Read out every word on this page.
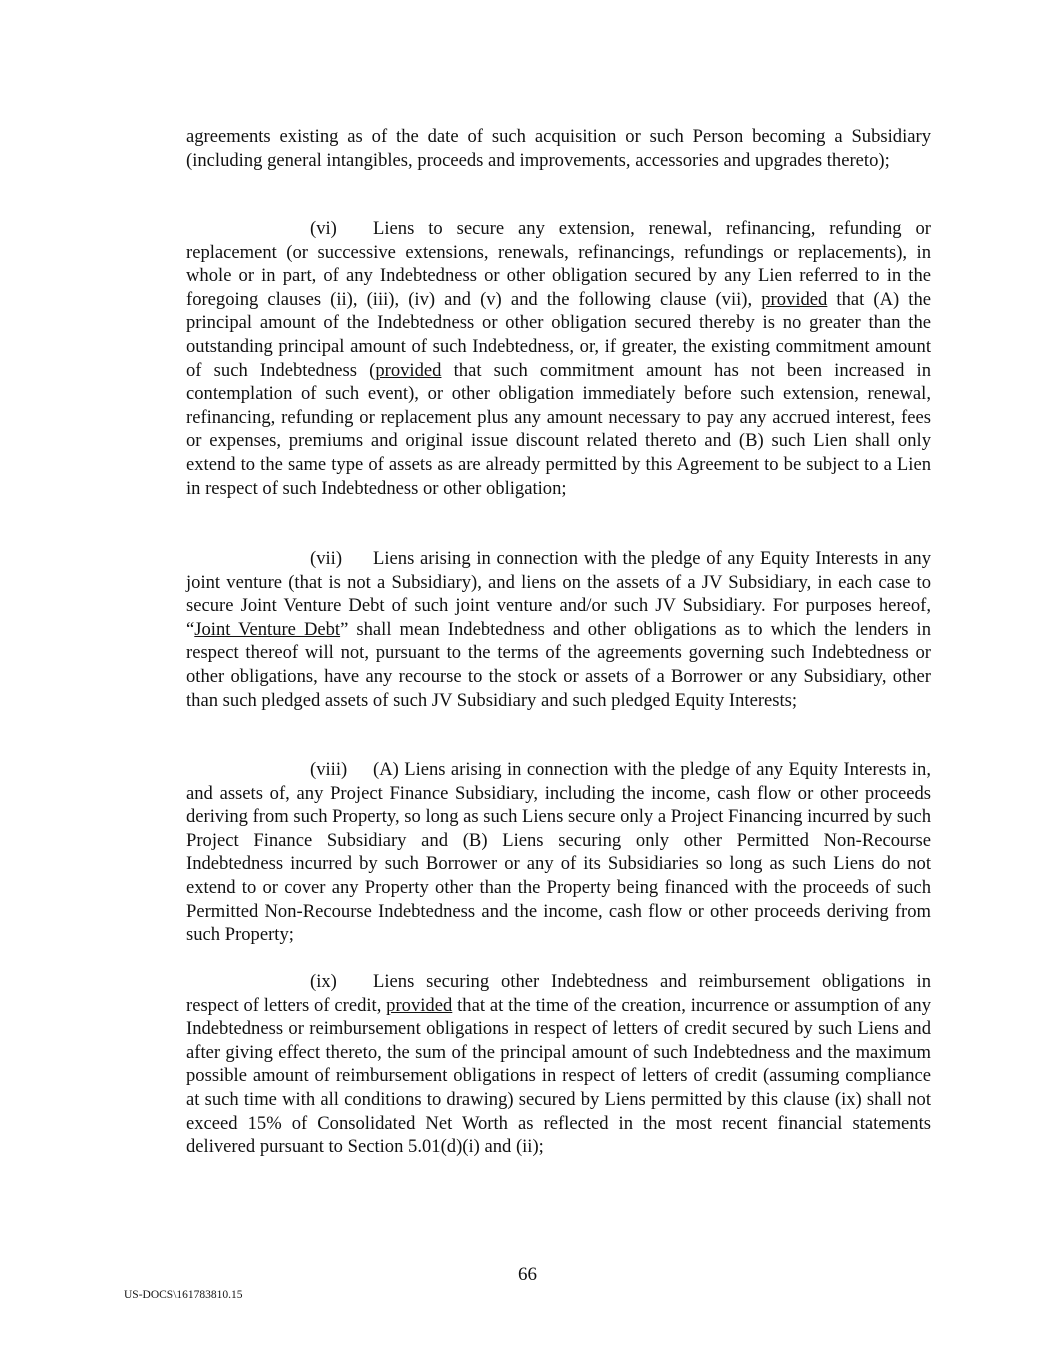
agreements existing as of the date of such acquisition or such Person becoming a Subsidiary (including general intangibles, proceeds and improvements, accessories and upgrades thereto);
(vi) Liens to secure any extension, renewal, refinancing, refunding or replacement (or successive extensions, renewals, refinancings, refundings or replacements), in whole or in part, of any Indebtedness or other obligation secured by any Lien referred to in the foregoing clauses (ii), (iii), (iv) and (v) and the following clause (vii), provided that (A) the principal amount of the Indebtedness or other obligation secured thereby is no greater than the outstanding principal amount of such Indebtedness, or, if greater, the existing commitment amount of such Indebtedness (provided that such commitment amount has not been increased in contemplation of such event), or other obligation immediately before such extension, renewal, refinancing, refunding or replacement plus any amount necessary to pay any accrued interest, fees or expenses, premiums and original issue discount related thereto and (B) such Lien shall only extend to the same type of assets as are already permitted by this Agreement to be subject to a Lien in respect of such Indebtedness or other obligation;
(vii) Liens arising in connection with the pledge of any Equity Interests in any joint venture (that is not a Subsidiary), and liens on the assets of a JV Subsidiary, in each case to secure Joint Venture Debt of such joint venture and/or such JV Subsidiary. For purposes hereof, “Joint Venture Debt” shall mean Indebtedness and other obligations as to which the lenders in respect thereof will not, pursuant to the terms of the agreements governing such Indebtedness or other obligations, have any recourse to the stock or assets of a Borrower or any Subsidiary, other than such pledged assets of such JV Subsidiary and such pledged Equity Interests;
(viii) (A) Liens arising in connection with the pledge of any Equity Interests in, and assets of, any Project Finance Subsidiary, including the income, cash flow or other proceeds deriving from such Property, so long as such Liens secure only a Project Financing incurred by such Project Finance Subsidiary and (B) Liens securing only other Permitted Non-Recourse Indebtedness incurred by such Borrower or any of its Subsidiaries so long as such Liens do not extend to or cover any Property other than the Property being financed with the proceeds of such Permitted Non-Recourse Indebtedness and the income, cash flow or other proceeds deriving from such Property;
(ix) Liens securing other Indebtedness and reimbursement obligations in respect of letters of credit, provided that at the time of the creation, incurrence or assumption of any Indebtedness or reimbursement obligations in respect of letters of credit secured by such Liens and after giving effect thereto, the sum of the principal amount of such Indebtedness and the maximum possible amount of reimbursement obligations in respect of letters of credit (assuming compliance at such time with all conditions to drawing) secured by Liens permitted by this clause (ix) shall not exceed 15% of Consolidated Net Worth as reflected in the most recent financial statements delivered pursuant to Section 5.01(d)(i) and (ii);
66
US-DOCS\161783810.15
